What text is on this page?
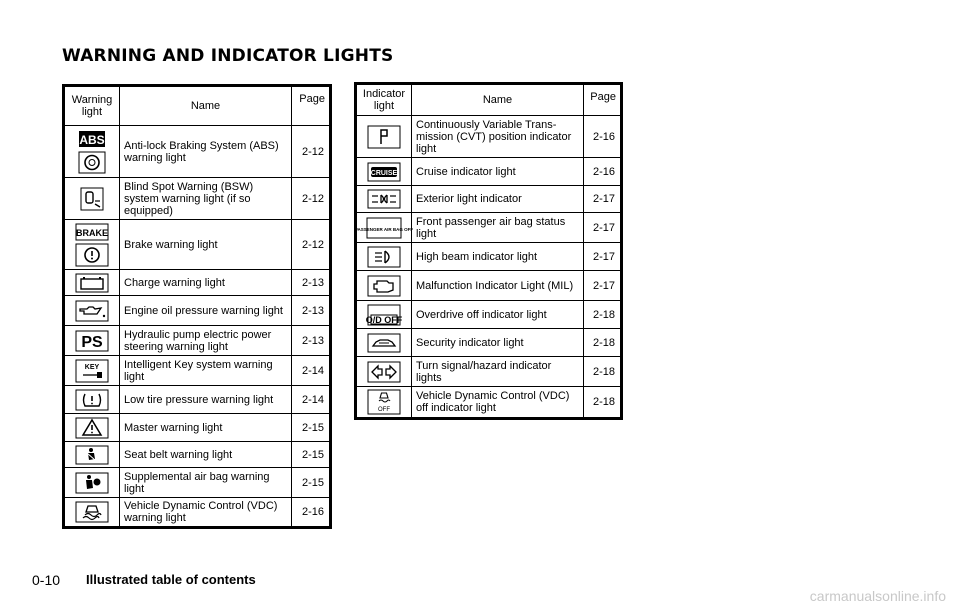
WARNING AND INDICATOR LIGHTS
Warning light	Name	Page

ABS	Anti-lock Braking System (ABS) warning light	2-12

	Blind Spot Warning (BSW) system warning light (if so equipped)	2-12

BRAKE	Brake warning light	2-12

	Charge warning light	2-13

	Engine oil pressure warning light	2-13

PS	Hydraulic pump electric power steering warning light	2-13

KEY	Intelligent Key system warning light	2-14

	Low tire pressure warning light	2-14

	Master warning light	2-15

	Seat belt warning light	2-15

	Supplemental air bag warning light	2-15

	Vehicle Dynamic Control (VDC) warning light	2-16
Indicator light	Name	Page

	Continuously Variable Trans-mission (CVT) position indicator light	2-16

CRUISE	Cruise indicator light	2-16

	Exterior light indicator	2-17

PASSENGER AIR BAG OFF	Front passenger air bag status light	2-17

	High beam indicator light	2-17

	Malfunction Indicator Light (MIL)	2-17

O/D OFF	Overdrive off indicator light	2-18

	Security indicator light	2-18

	Turn signal/hazard indicator lights	2-18

OFF	Vehicle Dynamic Control (VDC) off indicator light	2-18
0-10 Illustrated table of contents
carmanualsonline.info
